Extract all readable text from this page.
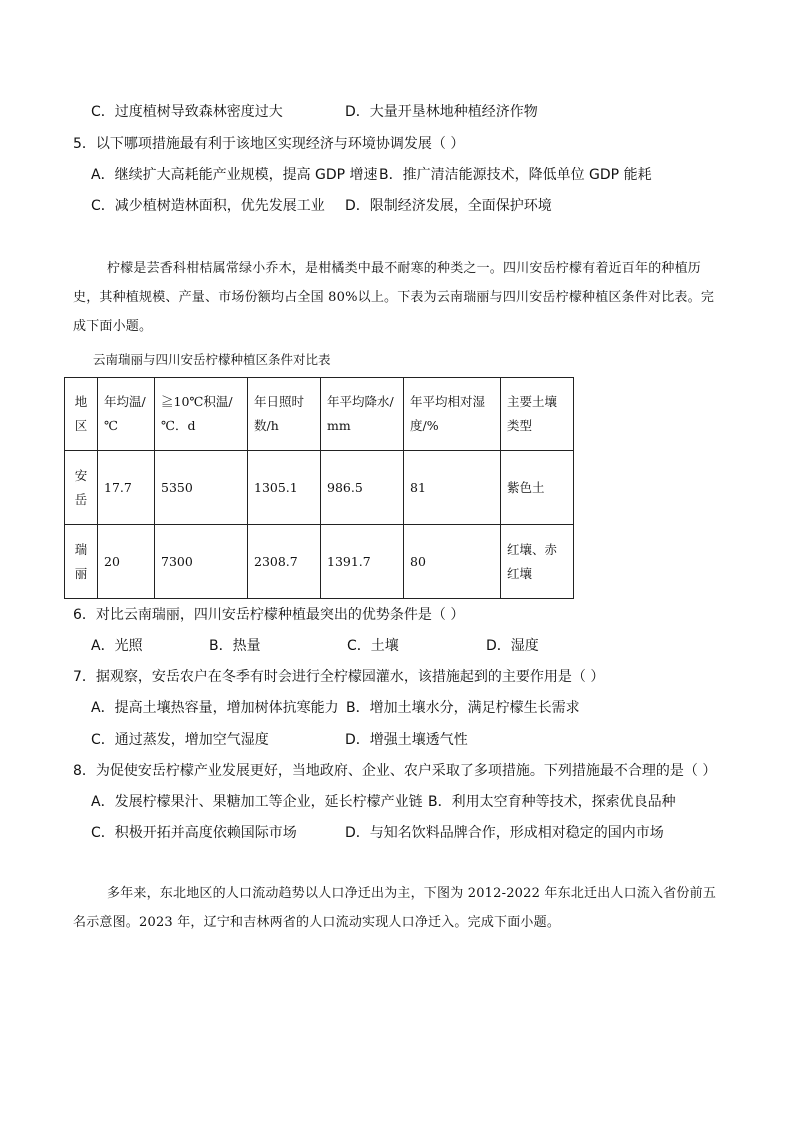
C．过度植树导致森林密度过大	D．大量开垦林地种植经济作物
5．以下哪项措施最有利于该地区实现经济与环境协调发展（ ）
A．继续扩大高耗能产业规模，提高 GDP 增速 B．推广清洁能源技术，降低单位 GDP 能耗
C．减少植树造林面积，优先发展工业 D．限制经济发展，全面保护环境
柠檬是芸香科柑桔属常绿小乔木，是柑橘类中最不耐寒的种类之一。四川安岳柠檬有着近百年的种植历史，其种植规模、产量、市场份额均占全国 80%以上。下表为云南瑞丽与四川安岳柠檬种植区条件对比表。完成下面小题。
云南瑞丽与四川安岳柠檬种植区条件对比表
地区	年均温/℃	≧10℃积温/℃．d	年日照时数/h	年平均降水/mm	年平均相对湿度/%	主要土壤类型
安岳	17.7	5350	1305.1	986.5	81	紫色土
瑞丽	20	7300	2308.7	1391.7	80	红壤、赤红壤
6．对比云南瑞丽，四川安岳柠檬种植最突出的优势条件是（ ）
A．光照	B．热量	C．土壤	D．湿度
7．据观察，安岳农户在冬季有时会进行全柠檬园灌水，该措施起到的主要作用是（ ）
A．提高土壤热容量，增加树体抗寒能力 B．增加土壤水分，满足柠檬生长需求
C．通过蒸发，增加空气湿度	D．增强土壤透气性
8．为促使安岳柠檬产业发展更好，当地政府、企业、农户采取了多项措施。下列措施最不合理的是（ ）
A．发展柠檬果汁、果糖加工等企业，延长柠檬产业链 B．利用太空育种等技术，探索优良品种
C．积极开拓并高度依赖国际市场	D．与知名饮料品牌合作，形成相对稳定的国内市场
多年来，东北地区的人口流动趋势以人口净迁出为主，下图为 2012-2022 年东北迁出人口流入省份前五名示意图。2023 年，辽宁和吉林两省的人口流动实现人口净迁入。完成下面小题。
